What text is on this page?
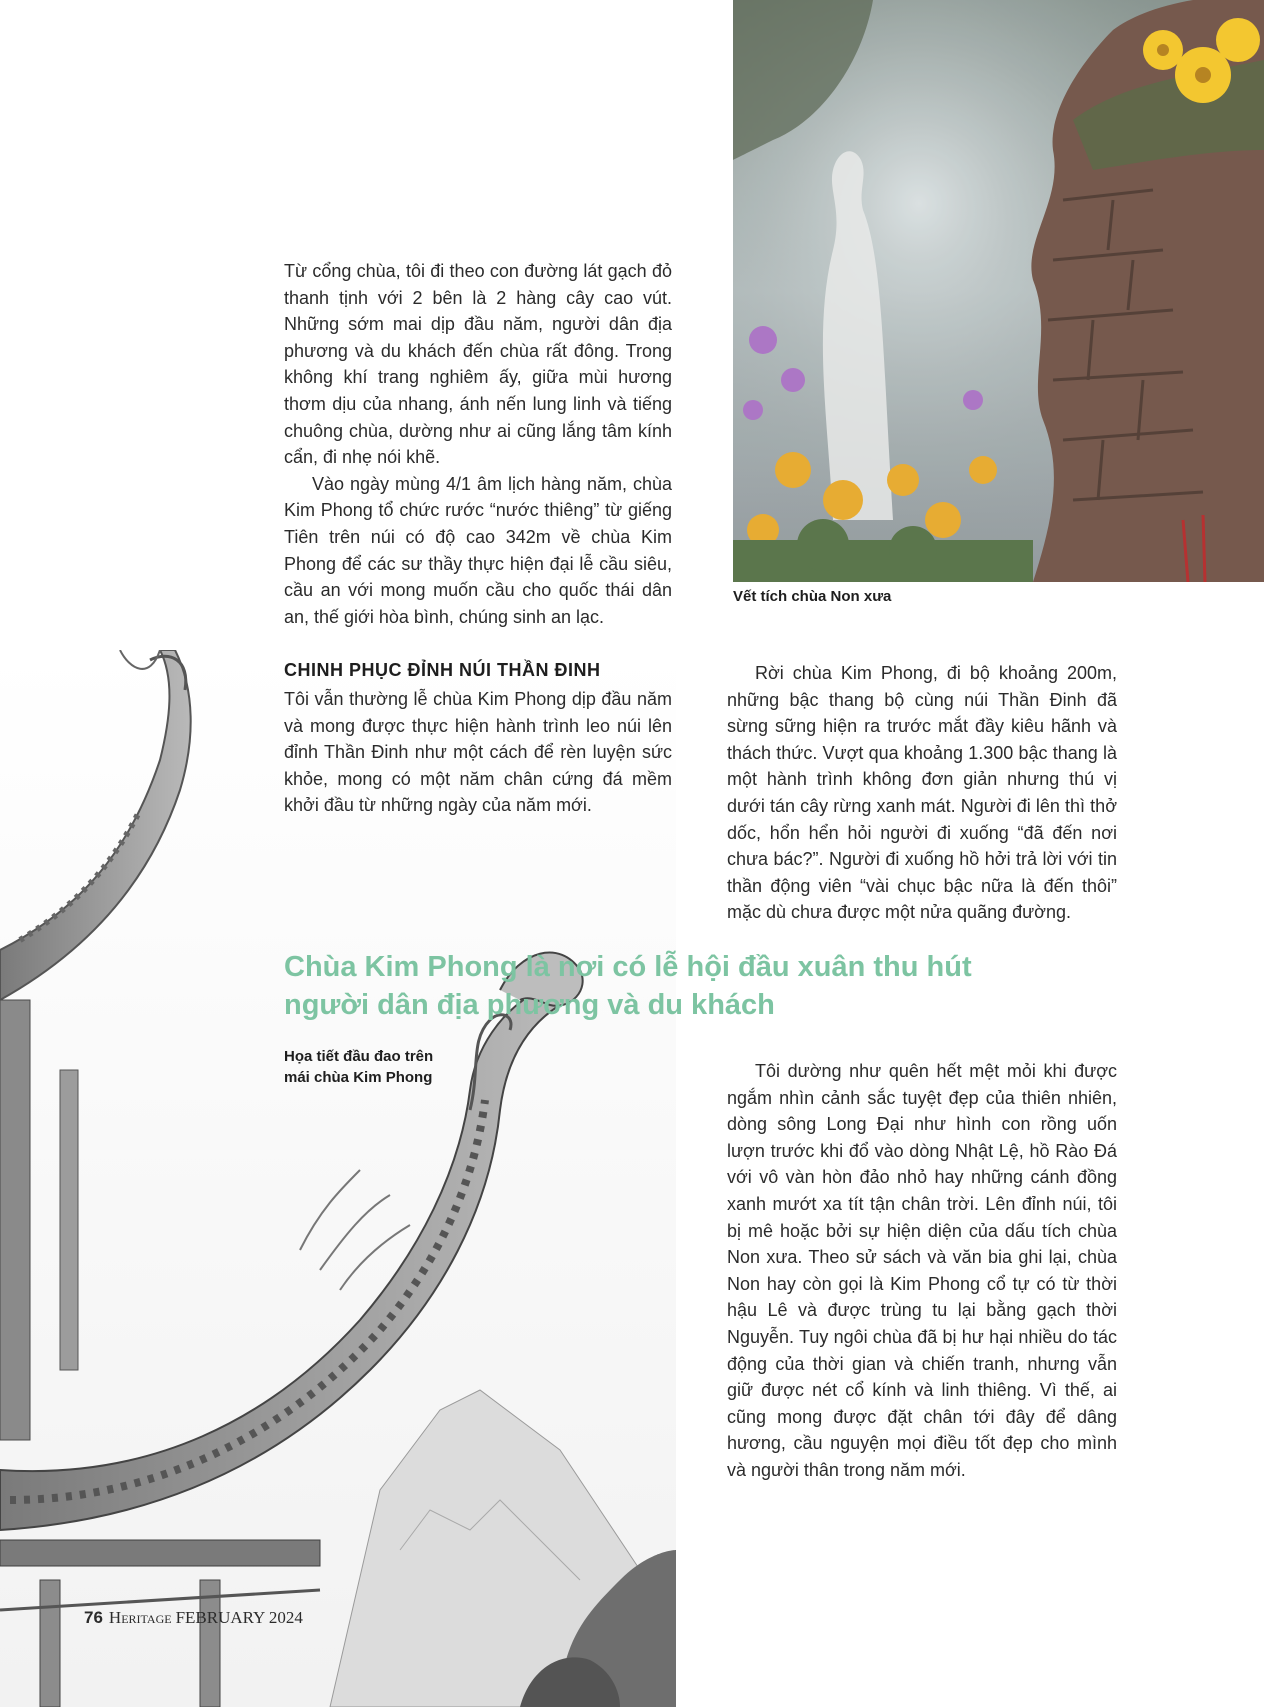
Vết tích chùa Non xưa

Từ cổng chùa, tôi đi theo con đường lát gạch đỏ thanh tịnh với 2 bên là 2 hàng cây cao vút. Những sớm mai dịp đầu năm, người dân địa phương và du khách đến chùa rất đông. Trong không khí trang nghiêm ấy, giữa mùi hương thơm dịu của nhang, ánh nến lung linh và tiếng chuông chùa, dường như ai cũng lắng tâm kính cẩn, đi nhẹ nói khẽ.

Vào ngày mùng 4/1 âm lịch hàng năm, chùa Kim Phong tổ chức rước “nước thiêng” từ giếng Tiên trên núi có độ cao 342m về chùa Kim Phong để các sư thầy thực hiện đại lễ cầu siêu, cầu an với mong muốn cầu cho quốc thái dân an, thế giới hòa bình, chúng sinh an lạc.

CHINH PHỤC ĐỈNH NÚI THẦN ĐINH

Tôi vẫn thường lễ chùa Kim Phong dịp đầu năm và mong được thực hiện hành trình leo núi lên đỉnh Thần Đinh như một cách để rèn luyện sức khỏe, mong có một năm chân cứng đá mềm khởi đầu từ những ngày của năm mới.

Rời chùa Kim Phong, đi bộ khoảng 200m, những bậc thang bộ cùng núi Thần Đinh đã sừng sững hiện ra trước mắt đầy kiêu hãnh và thách thức. Vượt qua khoảng 1.300 bậc thang là một hành trình không đơn giản nhưng thú vị dưới tán cây rừng xanh mát. Người đi lên thì thở dốc, hổn hển hỏi người đi xuống “đã đến nơi chưa bác?”. Người đi xuống hồ hởi trả lời với tin thần động viên “vài chục bậc nữa là đến thôi” mặc dù chưa được một nửa quãng đường.

Chùa Kim Phong là nơi có lễ hội đầu xuân thu hút
người dân địa phương và du khách
Họa tiết đầu đao trên
mái chùa Kim Phong	Tôi dường như quên hết mệt mỏi khi được ngắm nhìn cảnh sắc tuyệt đẹp của thiên nhiên, dòng sông Long Đại như hình con rồng uốn lượn trước khi đổ vào dòng Nhật Lệ, hồ Rào Đá với vô vàn hòn đảo nhỏ hay những cánh đồng xanh mướt xa tít tận chân trời. Lên đỉnh núi, tôi bị mê hoặc bởi sự hiện diện của dấu tích chùa Non xưa. Theo sử sách và văn bia ghi lại, chùa Non hay còn gọi là Kim Phong cổ tự có từ thời hậu Lê và được trùng tu lại bằng gạch thời Nguyễn. Tuy ngôi chùa đã bị hư hại nhiều do tác động của thời gian và chiến tranh, nhưng vẫn giữ được nét cổ kính và linh thiêng. Vì thế, ai cũng mong được đặt chân tới đây để dâng hương, cầu nguyện mọi điều tốt đẹp cho mình và người thân trong năm mới.

76 Heritage FEBRUARY 2024
